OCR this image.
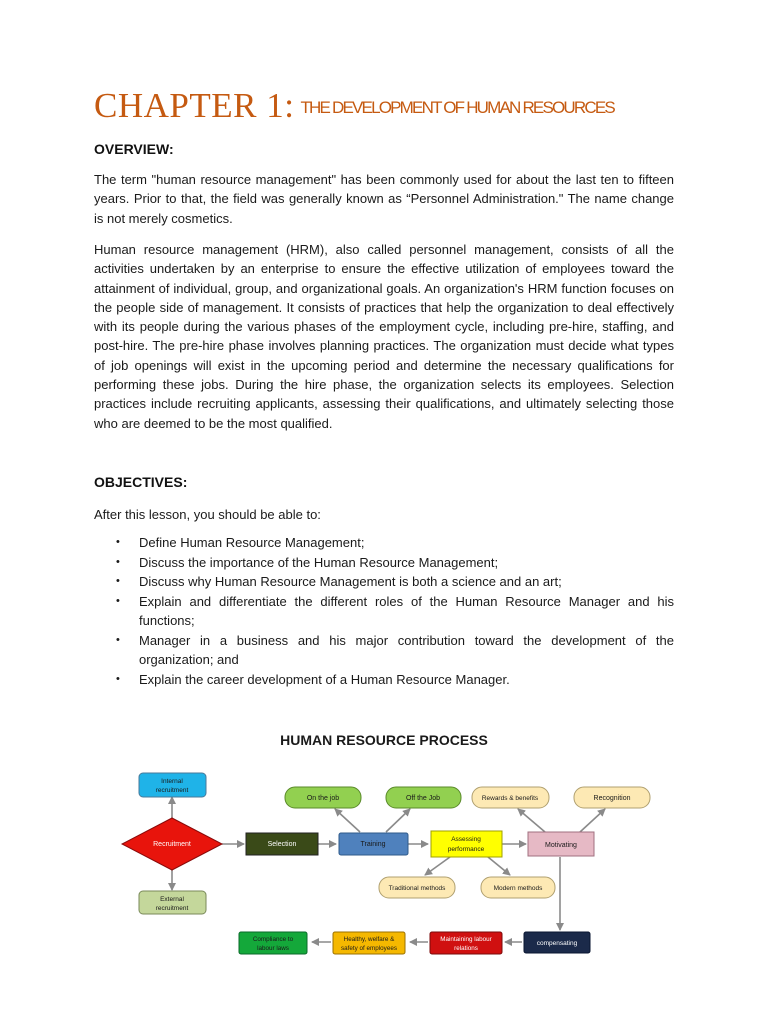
CHAPTER 1: THE DEVELOPMENT OF HUMAN RESOURCES
OVERVIEW:
The term "human resource management" has been commonly used for about the last ten to fifteen years. Prior to that, the field was generally known as “Personnel Administration." The name change is not merely cosmetics.
Human resource management (HRM), also called personnel management, consists of all the activities undertaken by an enterprise to ensure the effective utilization of employees toward the attainment of individual, group, and organizational goals. An organization's HRM function focuses on the people side of management. It consists of practices that help the organization to deal effectively with its people during the various phases of the employment cycle, including pre-hire, staffing, and post-hire. The pre-hire phase involves planning practices. The organization must decide what types of job openings will exist in the upcoming period and determine the necessary qualifications for performing these jobs. During the hire phase, the organization selects its employees. Selection practices include recruiting applicants, assessing their qualifications, and ultimately selecting those who are deemed to be the most qualified.
OBJECTIVES:
After this lesson, you should be able to:
• Define Human Resource Management;
• Discuss the importance of the Human Resource Management;
• Discuss why Human Resource Management is both a science and an art;
• Explain and differentiate the different roles of the Human Resource Manager and his functions;
• Manager in a business and his major contribution toward the development of the organization; and
• Explain the career development of a Human Resource Manager.
HUMAN RESOURCE PROCESS
Internal
recruitment
Recruitment
External
recruitment
Selection	Training
On the job	Off the Job
Assessing
performance
Traditional methods	Modern methods
Rewards & benefits	Recognition
Motivating
compensating
Maintaining labour
relations
Healthy, welfare &
safety of employees
Compliance to
labour laws
